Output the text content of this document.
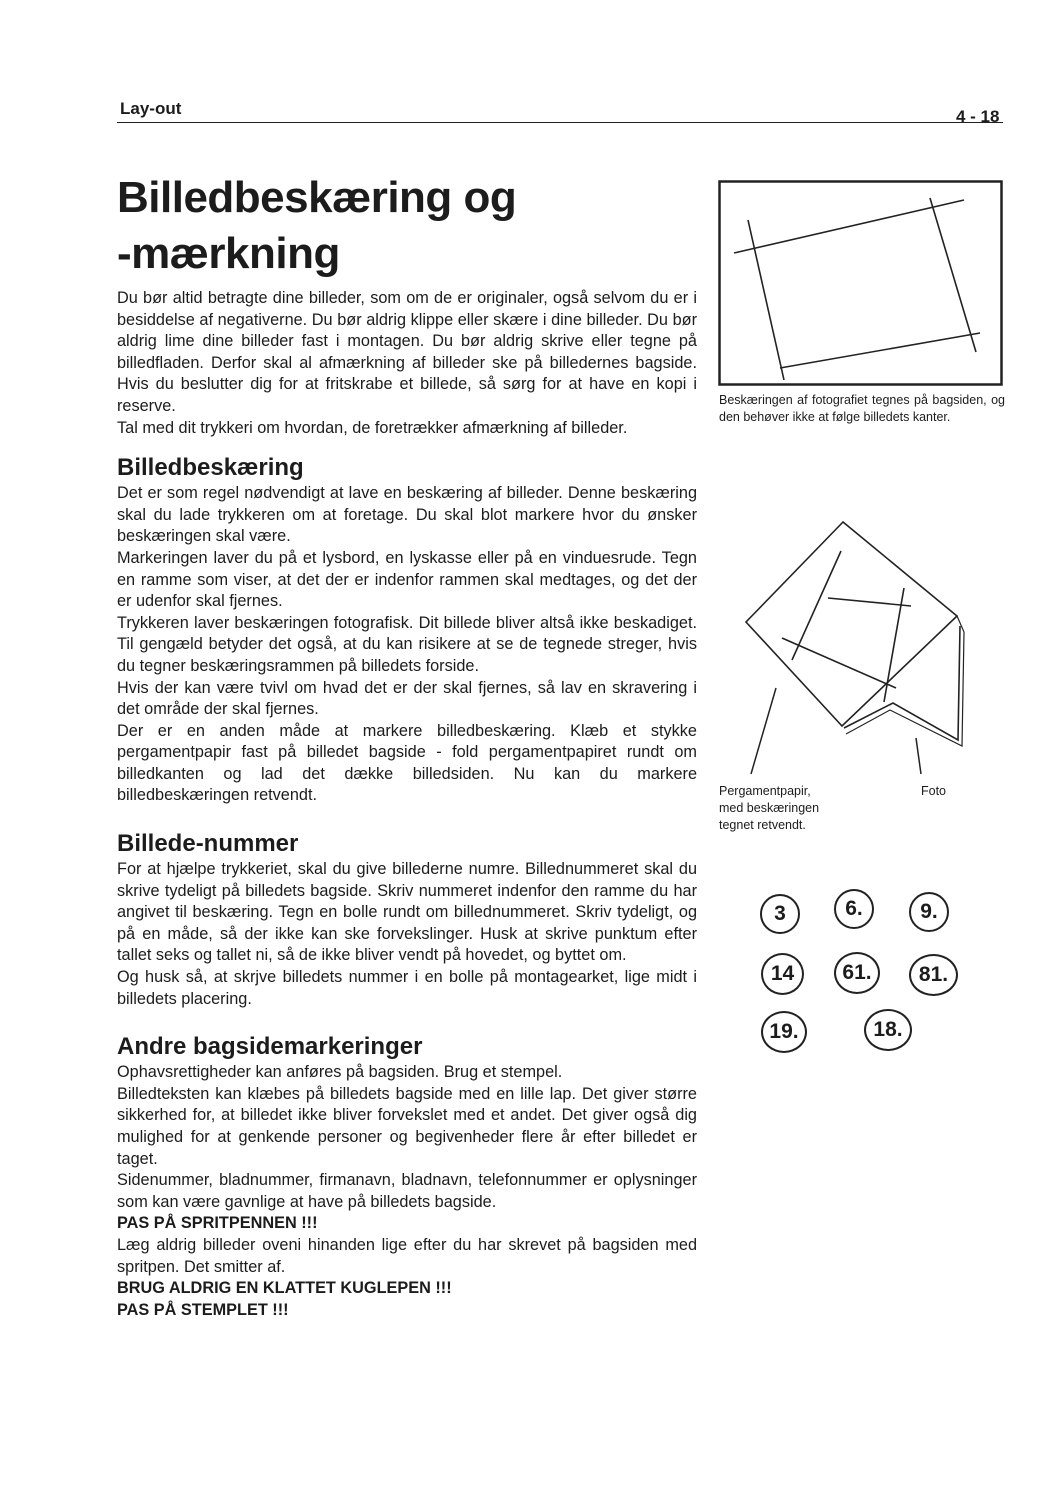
Lay-out	4 - 18
Billedbeskæring og
-mærkning

Du bør altid betragte dine billeder, som om de er originaler, også selvom du er i besiddelse af negativerne. Du bør aldrig klippe eller skære i dine billeder. Du bør aldrig lime dine billeder fast i montagen. Du bør aldrig skrive eller tegne på billedfladen. Derfor skal al afmærkning af billeder ske på billedernes bagside. Hvis du beslutter dig for at fritskrabe et billede, så sørg for at have en kopi i reserve.

Tal med dit trykkeri om hvordan, de foretrækker afmærkning af billeder.

Billedbeskæring

Det er som regel nødvendigt at lave en beskæring af billeder. Denne beskæring skal du lade trykkeren om at foretage. Du skal blot markere hvor du ønsker beskæringen skal være.

Markeringen laver du på et lysbord, en lyskasse eller på en vinduesrude. Tegn en ramme som viser, at det der er indenfor rammen skal medtages, og det der er udenfor skal fjernes.

Trykkeren laver beskæringen fotografisk. Dit billede bliver altså ikke beskadiget. Til gengæld betyder det også, at du kan risikere at se de tegnede streger, hvis du tegner beskæringsrammen på billedets forside.

Hvis der kan være tvivl om hvad det er der skal fjernes, så lav en skravering i det område der skal fjernes.

Der er en anden måde at markere billedbeskæring. Klæb et stykke pergamentpapir fast på billedet bagside - fold pergamentpapiret rundt om billedkanten og lad det dække billedsiden. Nu kan du markere billedbeskæringen retvendt.

Billede-nummer

For at hjælpe trykkeriet, skal du give billederne numre. Billednummeret skal du skrive tydeligt på billedets bagside. Skriv nummeret indenfor den ramme du har angivet til beskæring. Tegn en bolle rundt om billednummeret. Skriv tydeligt, og på en måde, så der ikke kan ske forvekslinger. Husk at skrive punktum efter tallet seks og tallet ni, så de ikke bliver vendt på hovedet, og byttet om.

Og husk så, at skrjve billedets nummer i en bolle på montagearket, lige midt i billedets placering.

Andre bagsidemarkeringer

Ophavsrettigheder kan anføres på bagsiden. Brug et stempel.

Billedteksten kan klæbes på billedets bagside med en lille lap. Det giver større sikkerhed for, at billedet ikke bliver forvekslet med et andet. Det giver også dig mulighed for at genkende personer og begivenheder flere år efter billedet er taget.

Sidenummer, bladnummer, firmanavn, bladnavn, telefonnummer er oplysninger som kan være gavnlige at have på billedets bagside.

PAS PÅ SPRITPENNEN !!!

Læg aldrig billeder oveni hinanden lige efter du har skrevet på bagsiden med spritpen. Det smitter af.

BRUG ALDRIG EN KLATTET KUGLEPEN !!!

PAS PÅ STEMPLET !!!

Beskæringen af fotografiet tegnes på bagsiden, og den behøver ikke at følge billedets kanter.
Pergamentpapir,
med beskæringen
tegnet retvendt.
Foto
3	6.	9.
14	61.	81.
19.	18.
